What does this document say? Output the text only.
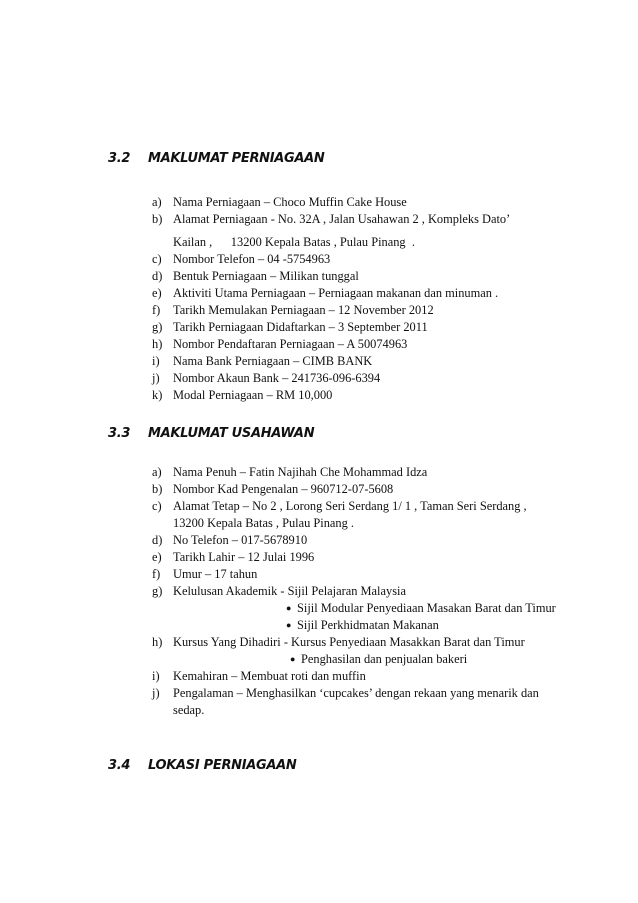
3.2	MAKLUMAT PERNIAGAAN
a) Nama Perniagaan – Choco Muffin Cake House
b) Alamat Perniagaan - No. 32A , Jalan Usahawan 2 , Kompleks Dato’
Kailan ,      13200 Kepala Batas , Pulau Pinang  .
c) Nombor Telefon – 04 -5754963
d) Bentuk Perniagaan – Milikan tunggal
e) Aktiviti Utama Perniagaan – Perniagaan makanan dan minuman .
f)	Tarikh Memulakan Perniagaan – 12 November 2012
g) Tarikh Perniagaan Didaftarkan – 3 September 2011
h) Nombor Pendaftaran Perniagaan – A 50074963
i)	Nama Bank Perniagaan – CIMB BANK
j)	Nombor Akaun Bank – 241736-096-6394
k) Modal Perniagaan – RM 10,000
3.3	MAKLUMAT USAHAWAN
a) Nama Penuh – Fatin Najihah Che Mohammad Idza
b) Nombor Kad Pengenalan – 960712-07-5608
c) Alamat Tetap – No 2 , Lorong Seri Serdang 1/ 1 , Taman Seri Serdang ,
13200 Kepala Batas , Pulau Pinang .
d) No Telefon – 017-5678910
e) Tarikh Lahir – 12 Julai 1996
f)	Umur – 17 tahun
g) Kelulusan Akademik - Sijil Pelajaran Malaysia
● Sijil Modular Penyediaan Masakan Barat dan Timur
● Sijil Perkhidmatan Makanan
h) Kursus Yang Dihadiri - Kursus Penyediaan Masakkan Barat dan Timur
● Penghasilan dan penjualan bakeri
i)	Kemahiran – Membuat roti dan muffin
j)	Pengalaman – Menghasilkan ‘cupcakes’ dengan rekaan yang menarik dan
sedap.
3.4	LOKASI PERNIAGAAN
